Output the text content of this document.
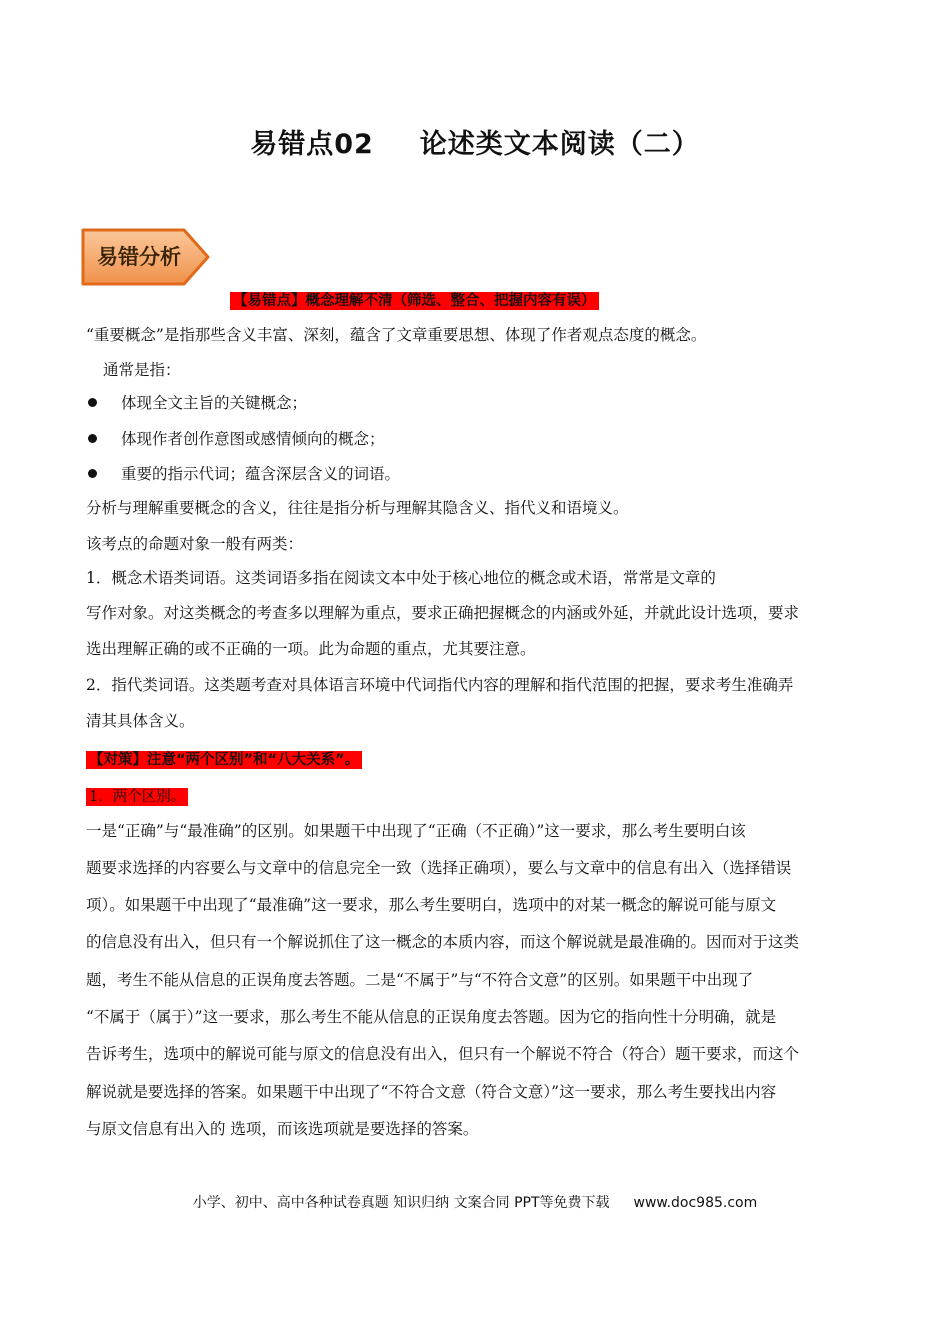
易错点02 论述类文本阅读（二）
易错分析
【易错点】概念理解不清（筛选、整合、把握内容有误）
“重要概念”是指那些含义丰富、深刻，蕴含了文章重要思想、体现了作者观点态度的概念。
通常是指：
体现全文主旨的关键概念；
体现作者创作意图或感情倾向的概念；
重要的指示代词；蕴含深层含义的词语。
分析与理解重要概念的含义，往往是指分析与理解其隐含义、指代义和语境义。
该考点的命题对象一般有两类：
1．概念术语类词语。这类词语多指在阅读文本中处于核心地位的概念或术语，常常是文章的
写作对象。对这类概念的考查多以理解为重点，要求正确把握概念的内涵或外延，并就此设计选项，要求
选出理解正确的或不正确的一项。此为命题的重点，尤其要注意。
2．指代类词语。这类题考查对具体语言环境中代词指代内容的理解和指代范围的把握，要求考生准确弄
清其具体含义。
【对策】注意“两个区别”和“八大关系”。
1．两个区别。
一是“正确”与“最准确”的区别。如果题干中出现了“正确（不正确）”这一要求，那么考生要明白该
题要求选择的内容要么与文章中的信息完全一致（选择正确项），要么与文章中的信息有出入（选择错误
项）。如果题干中出现了“最准确”这一要求，那么考生要明白，选项中的对某一概念的解说可能与原文
的信息没有出入，但只有一个解说抓住了这一概念的本质内容，而这个解说就是最准确的。因而对于这类
题，考生不能从信息的正误角度去答题。二是“不属于”与“不符合文意”的区别。如果题干中出现了
“不属于（属于）”这一要求，那么考生不能从信息的正误角度去答题。因为它的指向性十分明确，就是
告诉考生，选项中的解说可能与原文的信息没有出入，但只有一个解说不符合（符合）题干要求，而这个
解说就是要选择的答案。如果题干中出现了“不符合文意（符合文意）”这一要求，那么考生要找出内容
与原文信息有出入的 选项，而该选项就是要选择的答案。
小学、初中、高中各种试卷真题 知识归纳 文案合同 PPT等免费下载 www.doc985.com
